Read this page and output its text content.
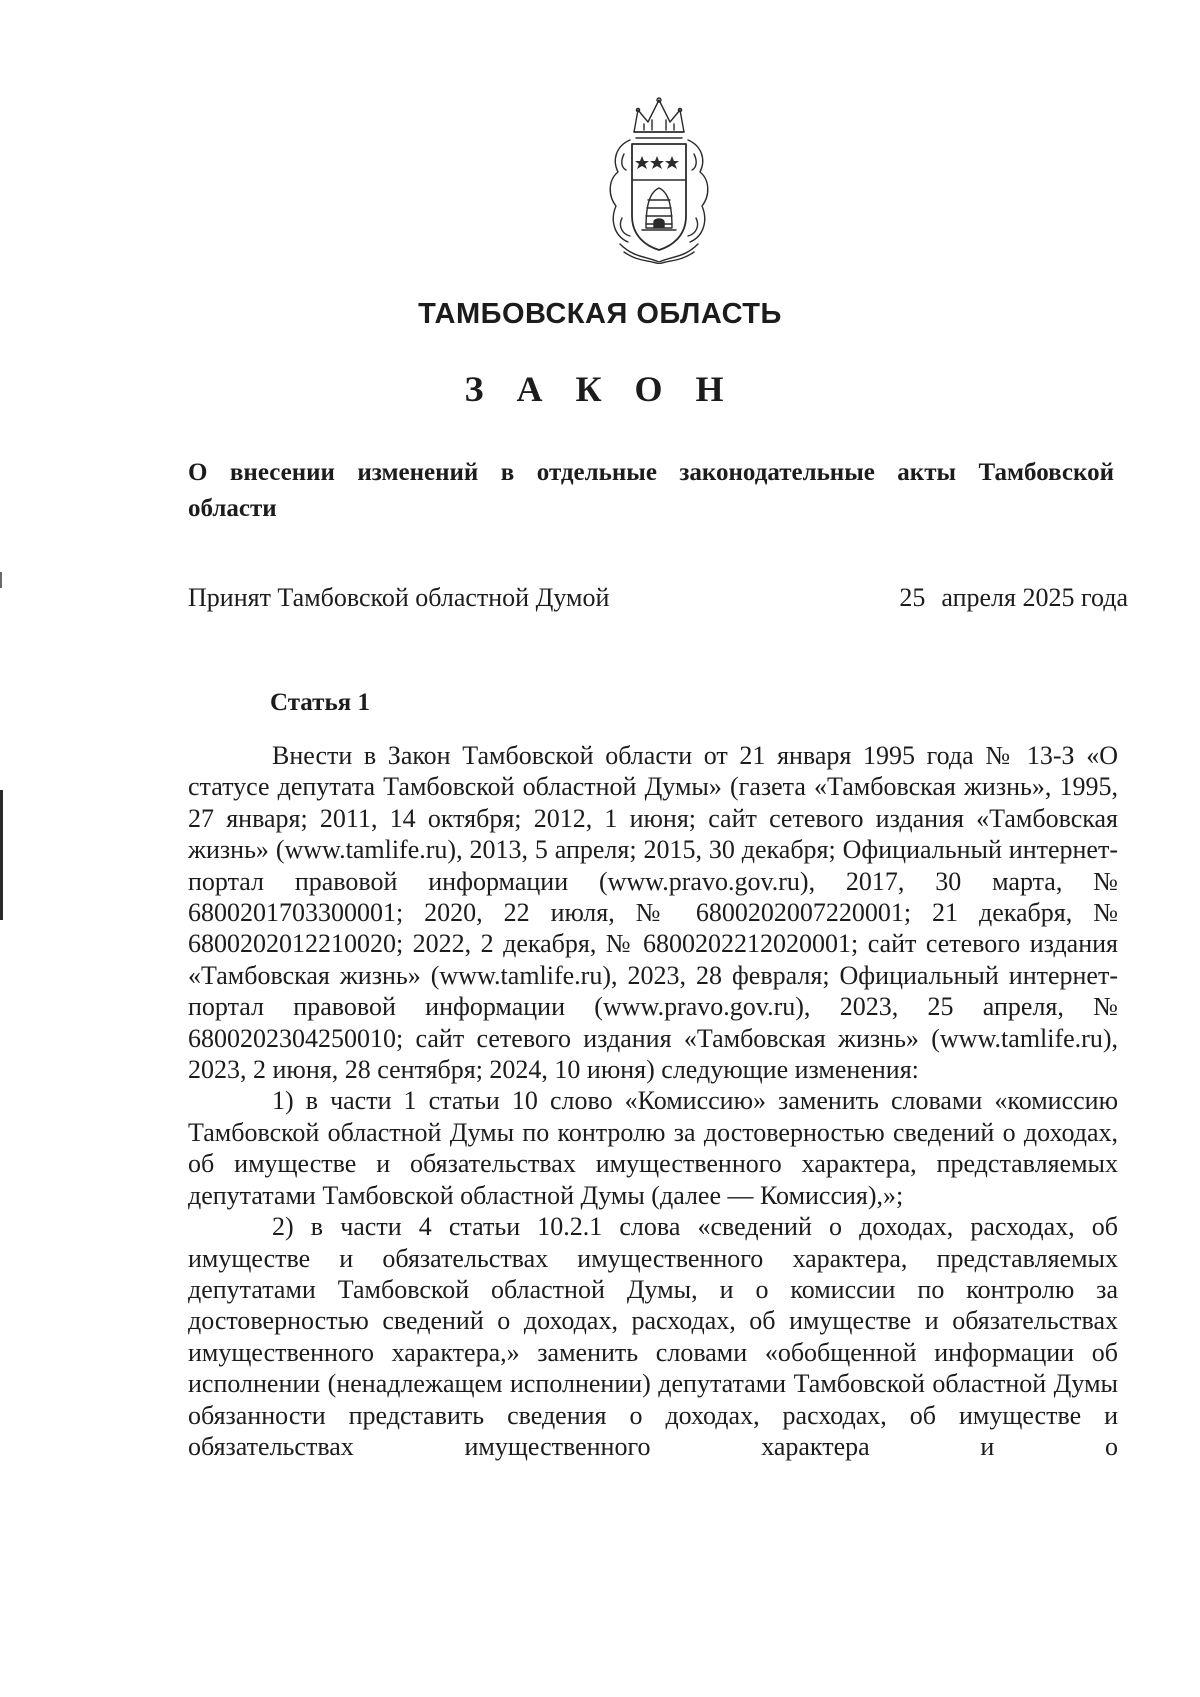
ТАМБОВСКАЯ ОБЛАСТЬ
З А К О Н
О внесении изменений в отдельные законодательные акты Тамбовской области
Принят Тамбовской областной Думой	25 апреля 2025 года
Статья 1

Внести в Закон Тамбовской области от 21 января 1995 года № 13-З «О статусе депутата Тамбовской областной Думы» (газета «Тамбовская жизнь», 1995, 27 января; 2011, 14 октября; 2012, 1 июня; сайт сетевого издания «Тамбовская жизнь» (www.tamlife.ru), 2013, 5 апреля; 2015, 30 декабря; Официальный интернет-портал правовой информации (www.pravo.gov.ru), 2017, 30 марта, № 6800201703300001; 2020, 22 июля, № 6800202007220001; 21 декабря, № 6800202012210020; 2022, 2 декабря, № 6800202212020001; сайт сетевого издания «Тамбовская жизнь» (www.tamlife.ru), 2023, 28 февраля; Официальный интернет-портал правовой информации (www.pravo.gov.ru), 2023, 25 апреля, № 6800202304250010; сайт сетевого издания «Тамбовская жизнь» (www.tamlife.ru), 2023, 2 июня, 28 сентября; 2024, 10 июня) следующие изменения:

1) в части 1 статьи 10 слово «Комиссию» заменить словами «комиссию Тамбовской областной Думы по контролю за достоверностью сведений о доходах, об имуществе и обязательствах имущественного характера, представляемых депутатами Тамбовской областной Думы (далее — Комиссия),»;

2) в части 4 статьи 10.2.1 слова «сведений о доходах, расходах, об имуществе и обязательствах имущественного характера, представляемых депутатами Тамбовской областной Думы, и о комиссии по контролю за достоверностью сведений о доходах, расходах, об имуществе и обязательствах имущественного характера,» заменить словами «обобщенной информации об исполнении (ненадлежащем исполнении) депутатами Тамбовской областной Думы обязанности представить сведения о доходах, расходах, об имуществе и обязательствах имущественного характера и о
